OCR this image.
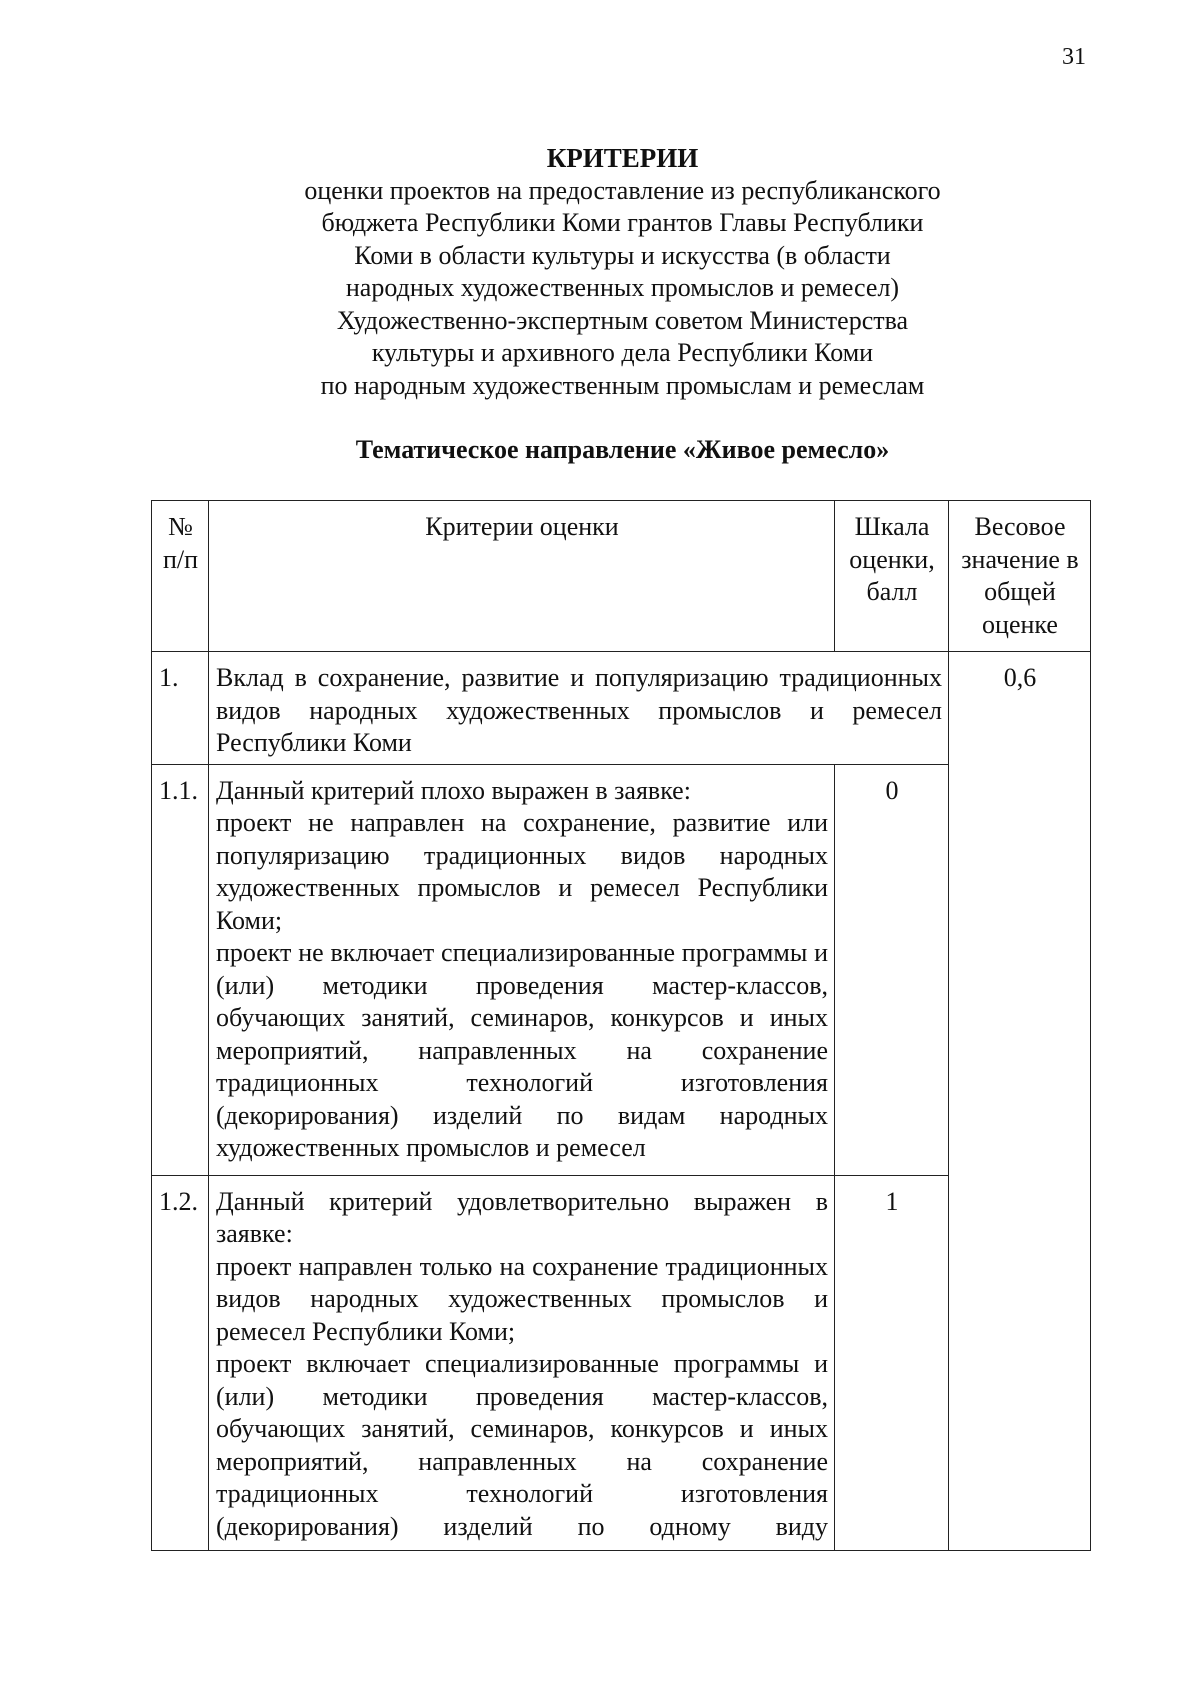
31
КРИТЕРИИ
оценки проектов на предоставление из республиканского
бюджета Республики Коми грантов Главы Республики
Коми в области культуры и искусства (в области
народных художественных промыслов и ремесел)
Художественно-экспертным советом Министерства
культуры и архивного дела Республики Коми
по народным художественным промыслам и ремеслам
Тематическое направление «Живое ремесло»
№ п/п	Критерии оценки	Шкала оценки, балл	Весовое значение в общей оценке
1.	Вклад в сохранение, развитие и популяризацию традиционных видов народных художественных промыслов и ремесел Республики Коми		0,6
1.1.	Данный критерий плохо выражен в заявке:

проект не направлен на сохранение, развитие или популяризацию традиционных видов народных художественных промыслов и ремесел Республики Коми;

проект не включает специализированные программы и (или) методики проведения мастер-классов, обучающих занятий, семинаров, конкурсов и иных мероприятий, направленных на сохранение традиционных технологий изготовления (декорирования) изделий по видам народных художественных промыслов и ремесел	0	
1.2.	Данный критерий удовлетворительно выражен в заявке:

проект направлен только на сохранение традиционных видов народных художественных промыслов и ремесел Республики Коми;

проект включает специализированные программы и (или) методики проведения мастер-классов, обучающих занятий, семинаров, конкурсов и иных мероприятий, направленных на сохранение традиционных технологий изготовления (декорирования) изделий по одному виду	1	
